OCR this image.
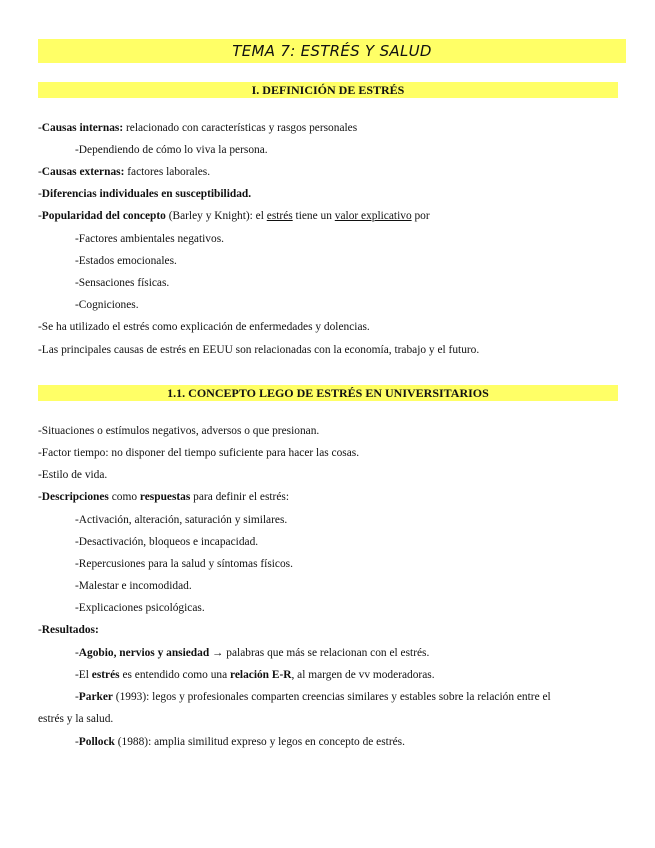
TEMA 7: ESTRÉS Y SALUD
I. DEFINICIÓN DE ESTRÉS
-Causas internas: relacionado con características y rasgos personales
-Dependiendo de cómo lo viva la persona.
-Causas externas: factores laborales.
-Diferencias individuales en susceptibilidad.
-Popularidad del concepto (Barley y Knight): el estrés tiene un valor explicativo por
-Factores ambientales negativos.
-Estados emocionales.
-Sensaciones físicas.
-Cogniciones.
-Se ha utilizado el estrés como explicación de enfermedades y dolencias.
-Las principales causas de estrés en EEUU son relacionadas con la economía, trabajo y el futuro.
1.1. CONCEPTO LEGO DE ESTRÉS EN UNIVERSITARIOS
-Situaciones o estímulos negativos, adversos o que presionan.
-Factor tiempo: no disponer del tiempo suficiente para hacer las cosas.
-Estilo de vida.
-Descripciones como respuestas para definir el estrés:
-Activación, alteración, saturación y similares.
-Desactivación, bloqueos e incapacidad.
-Repercusiones para la salud y síntomas físicos.
-Malestar e incomodidad.
-Explicaciones psicológicas.
-Resultados:
-Agobio, nervios y ansiedad → palabras que más se relacionan con el estrés.
-El estrés es entendido como una relación E-R, al margen de vv moderadoras.
-Parker (1993): legos y profesionales comparten creencias similares y estables sobre la relación entre el
estrés y la salud.
-Pollock (1988): amplia similitud expreso y legos en concepto de estrés.
